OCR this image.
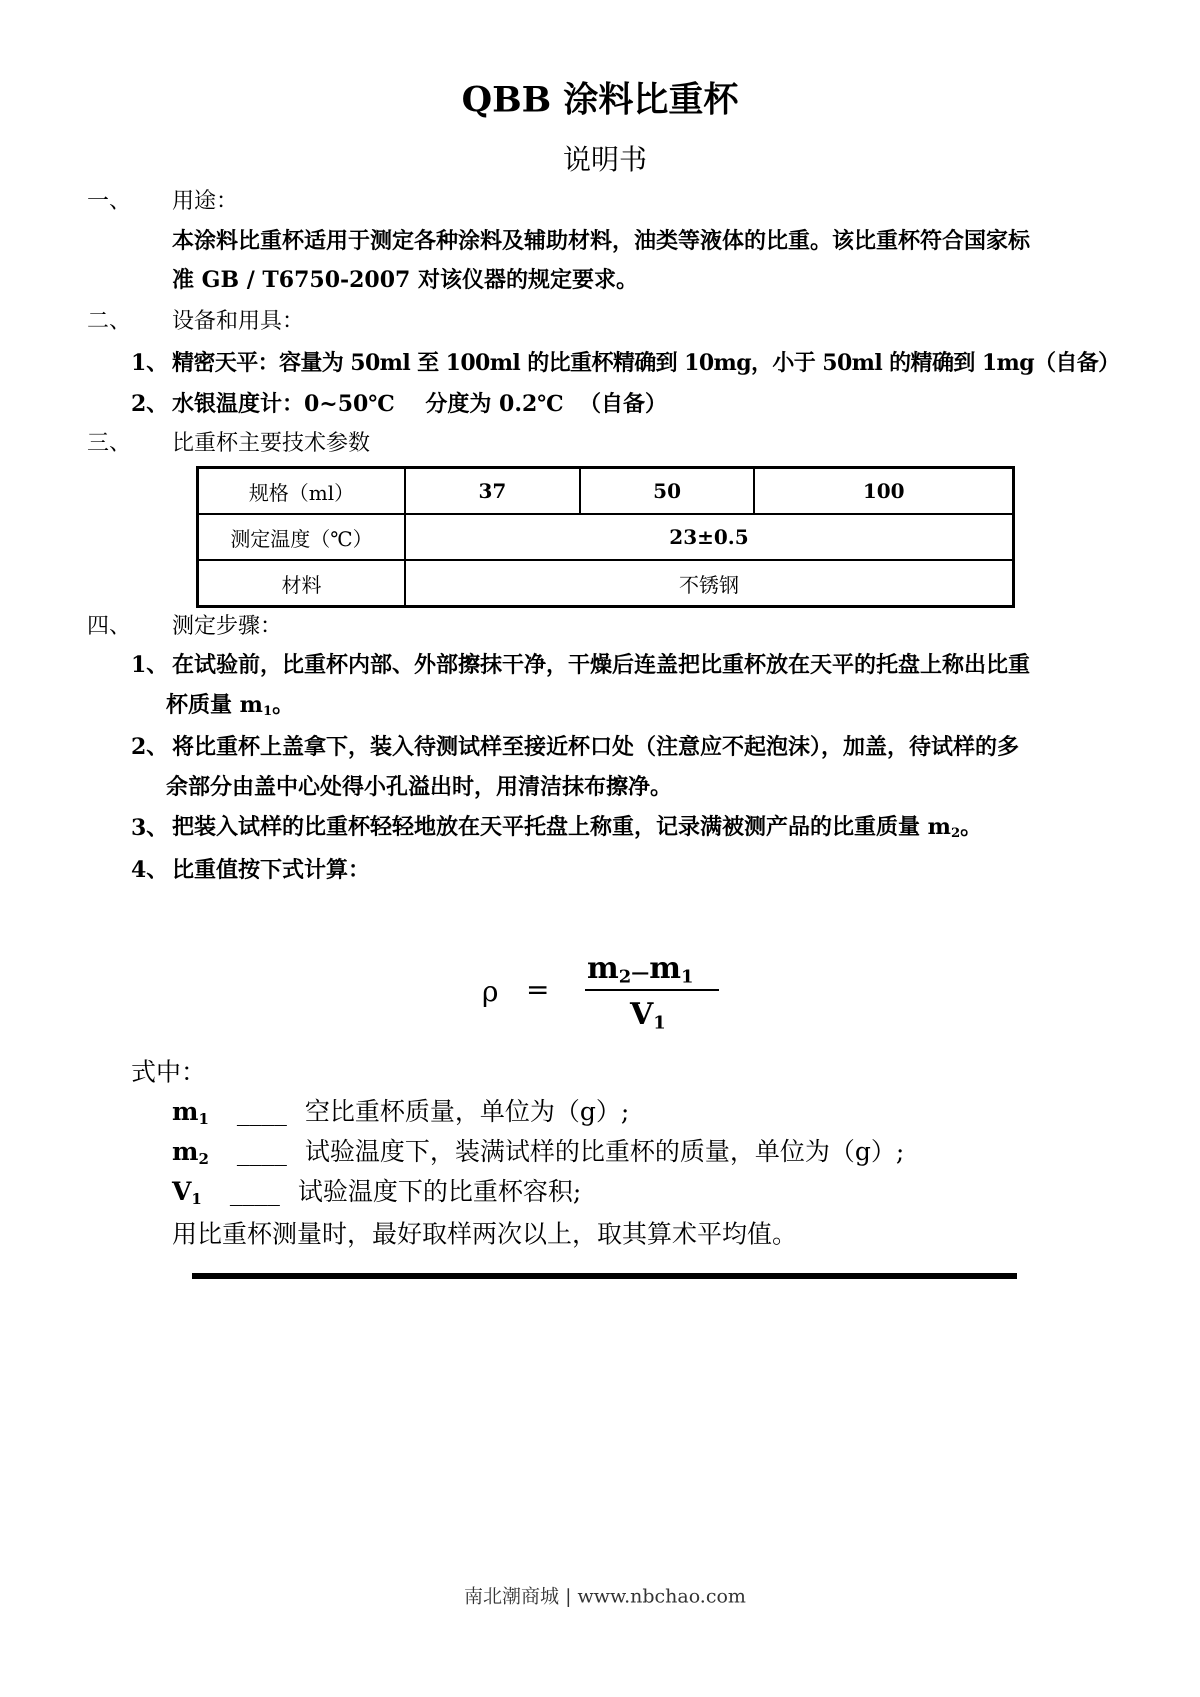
QBB 涂料比重杯
说明书
一、 用途：
本涂料比重杯适用于测定各种涂料及辅助材料，油类等液体的比重。该比重杯符合国家标
准 GB / T6750-2007 对该仪器的规定要求。
二、 设备和用具：
1、 精密天平：容量为 50ml 至 100ml 的比重杯精确到 10mg，小于 50ml 的精确到 1mg（自备）
2、 水银温度计：0~50℃    分度为 0.2℃  （自备）
三、 比重杯主要技术参数
规格（ml）	37	50	100
测定温度（℃）	23±0.5		
材料	不锈钢		
四、 测定步骤：
1、 在试验前，比重杯内部、外部擦抹干净，干燥后连盖把比重杯放在天平的托盘上称出比重
杯质量 $m_1$。
2、 将比重杯上盖拿下，装入待测试样至接近杯口处（注意应不起泡沫），加盖，待试样的多
余部分由盖中心处得小孔溢出时，用清洁抹布擦净。
3、 把装入试样的比重杯轻轻地放在天平托盘上称重，记录满被测产品的比重质量 $m_2$。
4、 比重值按下式计算：
ρ =
$m_2—m_1$
$V_1$
式中：
$m_1$ ____ 空比重杯质量，单位为（g）;
$m_2$ ____ 试验温度下，装满试样的比重杯的质量，单位为（g）;
$V_1$ ____ 试验温度下的比重杯容积;
用比重杯测量时，最好取样两次以上，取其算术平均值。
南北潮商城 | www.nbchao.com
